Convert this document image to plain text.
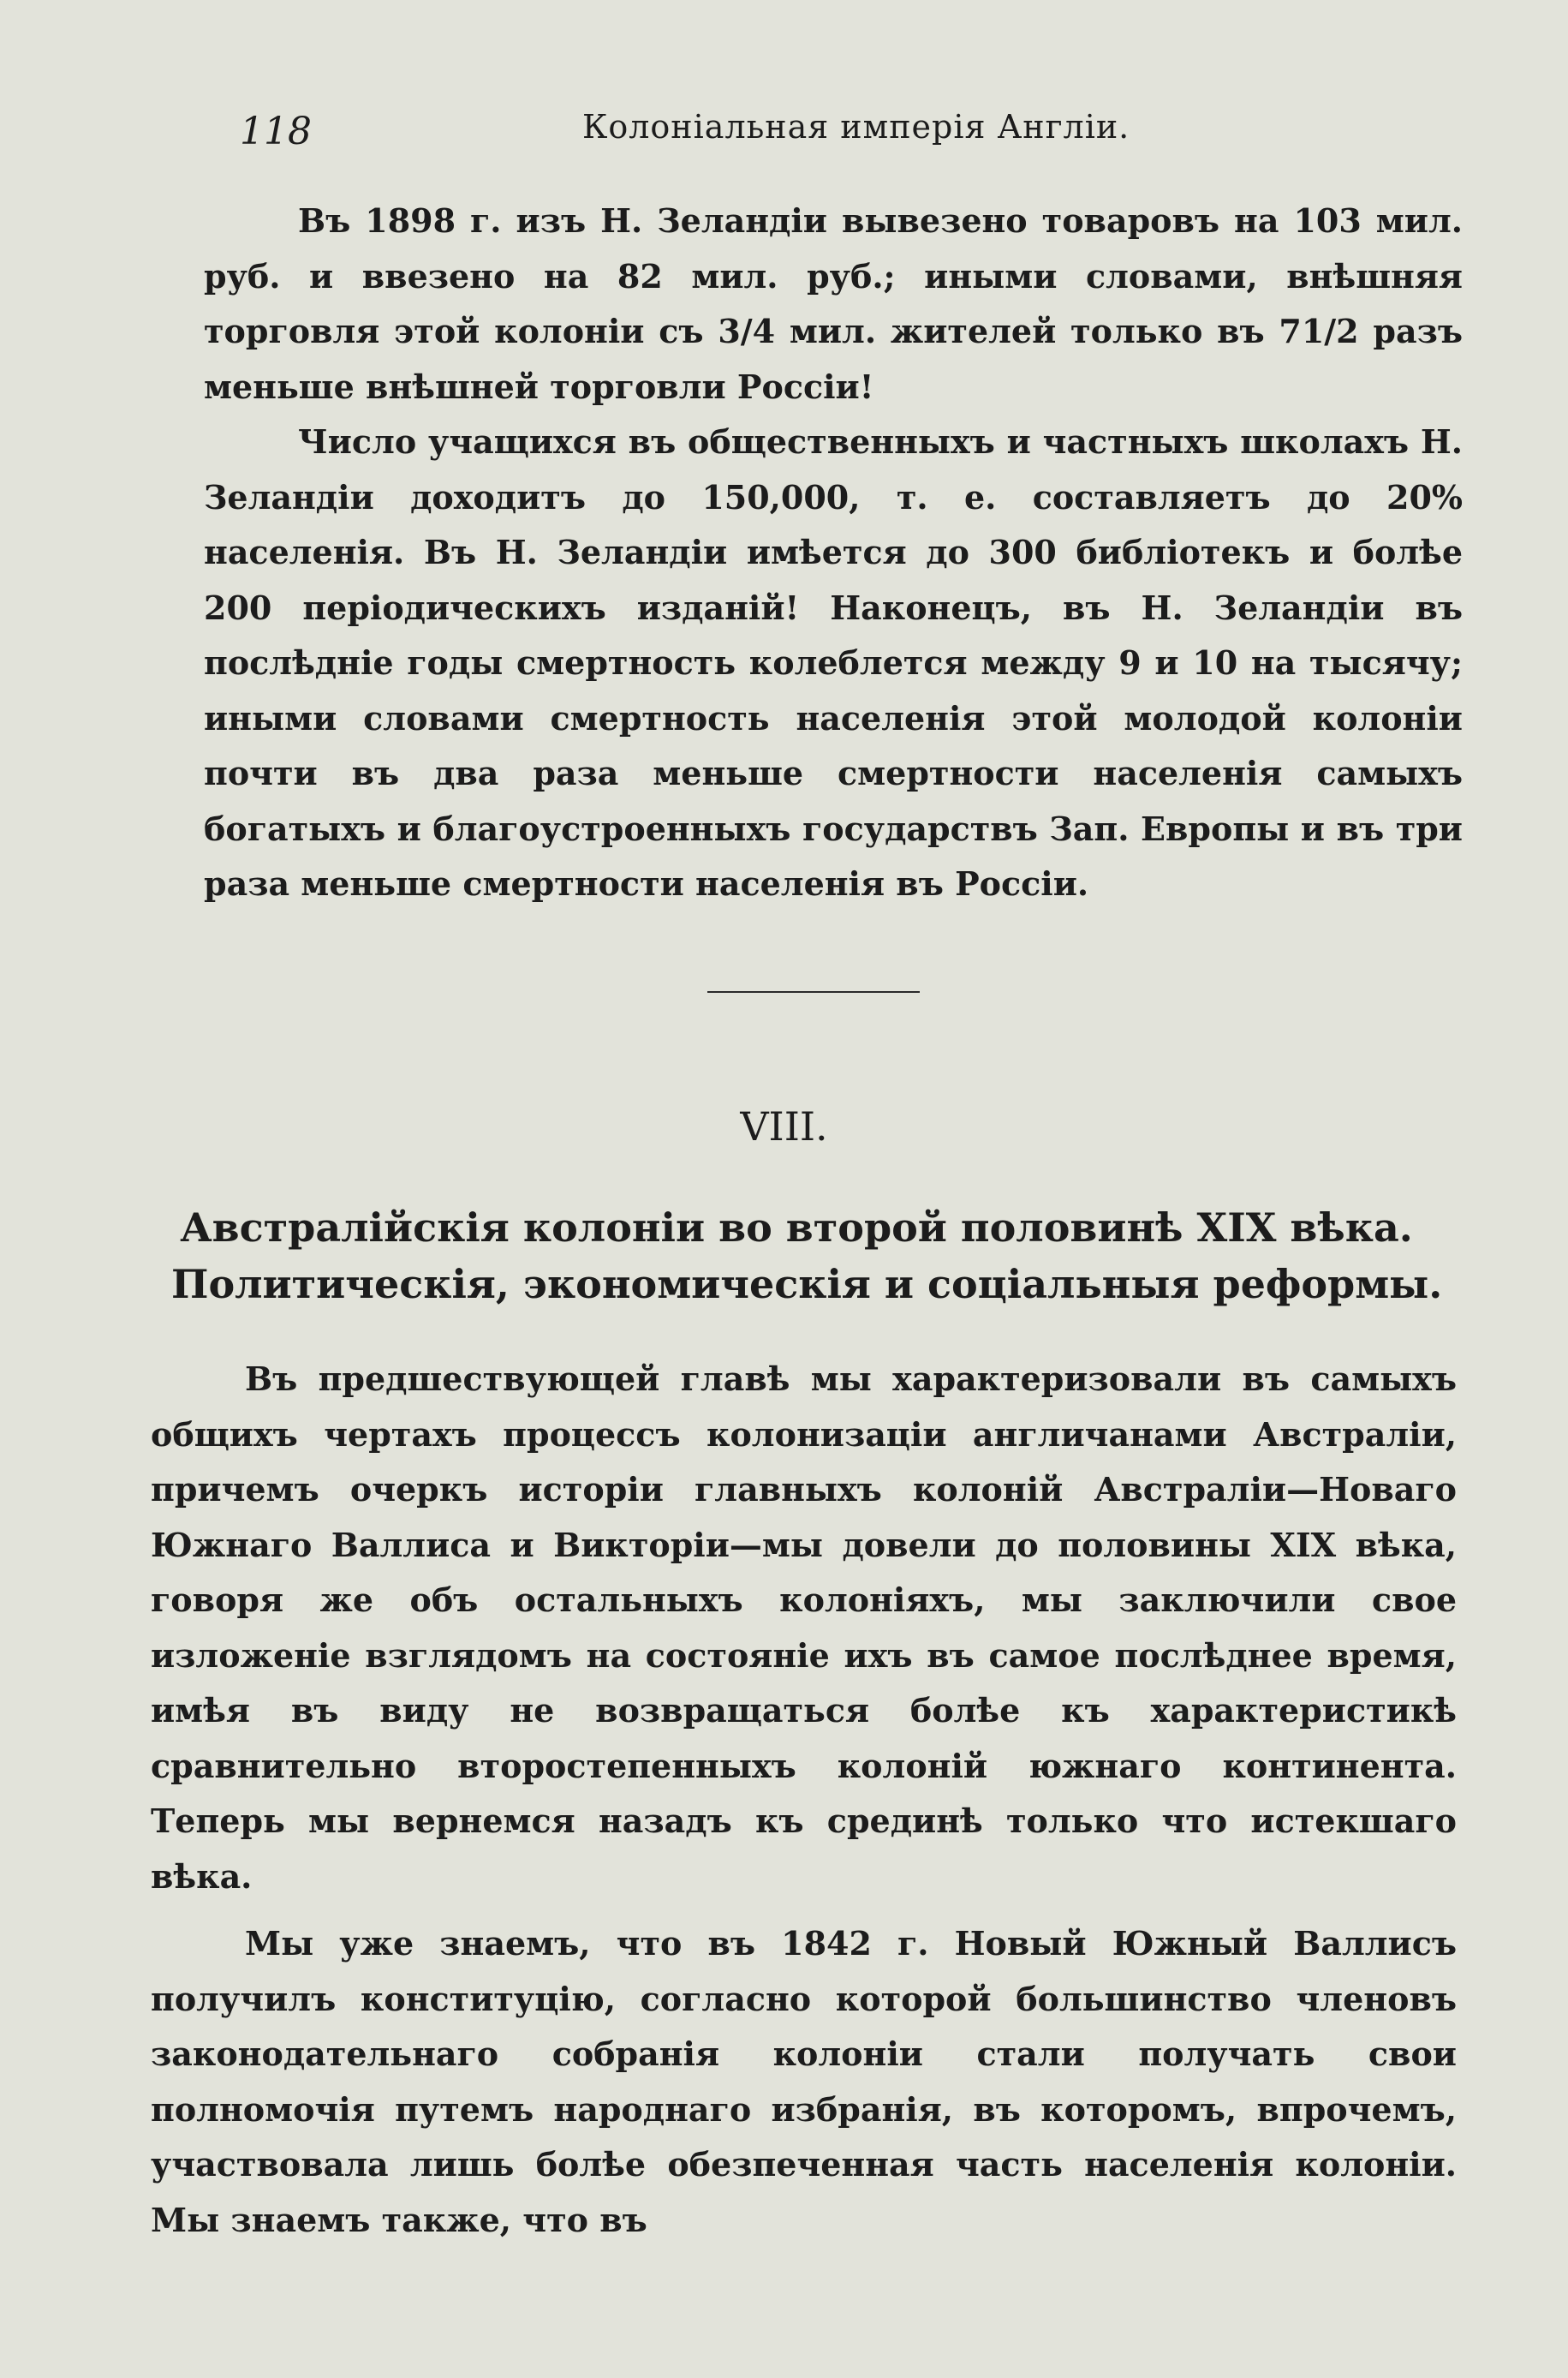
118	Колоніальная имперія Англіи.

Въ 1898 г. изъ Н. Зеландіи вывезено товаровъ на 103 мил. руб. и ввезено на 82 мил. руб.; иными словами, внѣшняя торговля этой колоніи съ 3/4 мил. жителей только въ 71/2 разъ меньше внѣшней торговли Россіи!

Число учащихся въ общественныхъ и частныхъ школахъ Н. Зеландіи доходитъ до 150,000, т. е. составляетъ до 20% населенія. Въ Н. Зеландіи имѣется до 300 библіотекъ и болѣе 200 періодическихъ изданій! Наконецъ, въ Н. Зеландіи въ послѣдніе годы смертность колеблется между 9 и 10 на тысячу; иными словами смертность населенія этой молодой колоніи почти въ два раза меньше смертности населенія самыхъ богатыхъ и благоустроенныхъ государствъ Зап. Европы и въ три раза меньше смертности населенія въ Россіи.

VIII.
Австралійскія колоніи во второй половинѣ XIX вѣка.
Политическія, экономическія и соціальныя реформы.

Въ предшествующей главѣ мы характеризовали въ самыхъ общихъ чертахъ процессъ колонизаціи англичанами Австраліи, причемъ очеркъ исторіи главныхъ колоній Австраліи—Новаго Южнаго Валлиса и Викторіи—мы довели до половины XIX вѣка, говоря же объ остальныхъ колоніяхъ, мы заключили свое изложеніе взглядомъ на состояніе ихъ въ самое послѣднее время, имѣя въ виду не возвращаться болѣе къ характеристикѣ сравнительно второстепенныхъ колоній южнаго континента. Теперь мы вернемся назадъ къ срединѣ только что истекшаго вѣка.

Мы уже знаемъ, что въ 1842 г. Новый Южный Валлисъ получилъ конституцію, согласно которой большинство членовъ законодательнаго собранія колоніи стали получать свои полномочія путемъ народнаго избранія, въ которомъ, впрочемъ, участвовала лишь болѣе обезпеченная часть населенія колоніи. Мы знаемъ также, что въ
